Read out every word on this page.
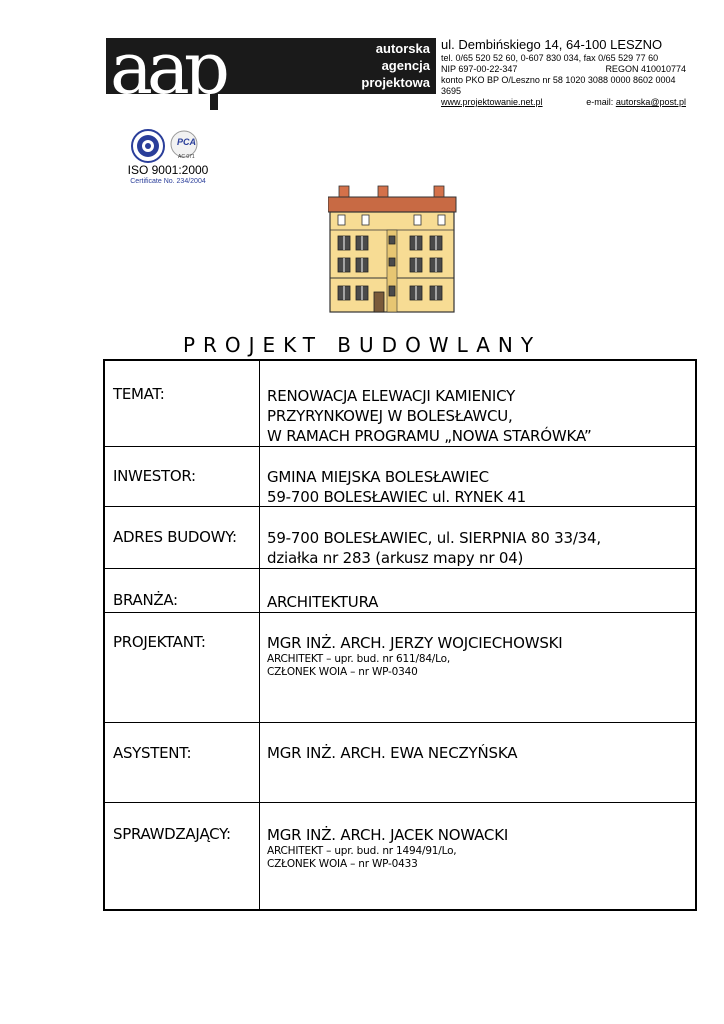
aap	autorska
agencja
projektowa
ul. Dembińskiego 14, 64-100 LESZNO
tel. 0/65 520 52 60, 0-607 830 034, fax 0/65 529 77 60
NIP 697-00-22-347	REGON 410010774
konto PKO BP O/Leszno nr 58 1020 3088 0000 8602 0004 3695
www.projektowanie.net.pl	e-mail: autorska@post.pl
PCA
AC 071
ISO 9001:2000
Certificate No. 234/2004
PROJEKT BUDOWLANY
TEMAT:	RENOWACJA ELEWACJI KAMIENICY
PRZYRYNKOWEJ W BOLESŁAWCU,
W RAMACH PROGRAMU „NOWA STARÓWKA”
INWESTOR:	GMINA MIEJSKA BOLESŁAWIEC
59-700 BOLESŁAWIEC ul. RYNEK 41
ADRES BUDOWY: 59-700 BOLESŁAWIEC, ul. SIERPNIA 80 33/34,
działka nr 283 (arkusz mapy nr 04)
BRANŻA:	ARCHITEKTURA
PROJEKTANT:	MGR INŻ. ARCH. JERZY WOJCIECHOWSKI
ARCHITEKT – upr. bud. nr 611/84/Lo,
CZŁONEK WOIA – nr WP-0340
ASYSTENT:	MGR INŻ. ARCH. EWA NECZYŃSKA
SPRAWDZAJĄCY: MGR INŻ. ARCH. JACEK NOWACKI
ARCHITEKT – upr. bud. nr 1494/91/Lo,
CZŁONEK WOIA – nr WP-0433
